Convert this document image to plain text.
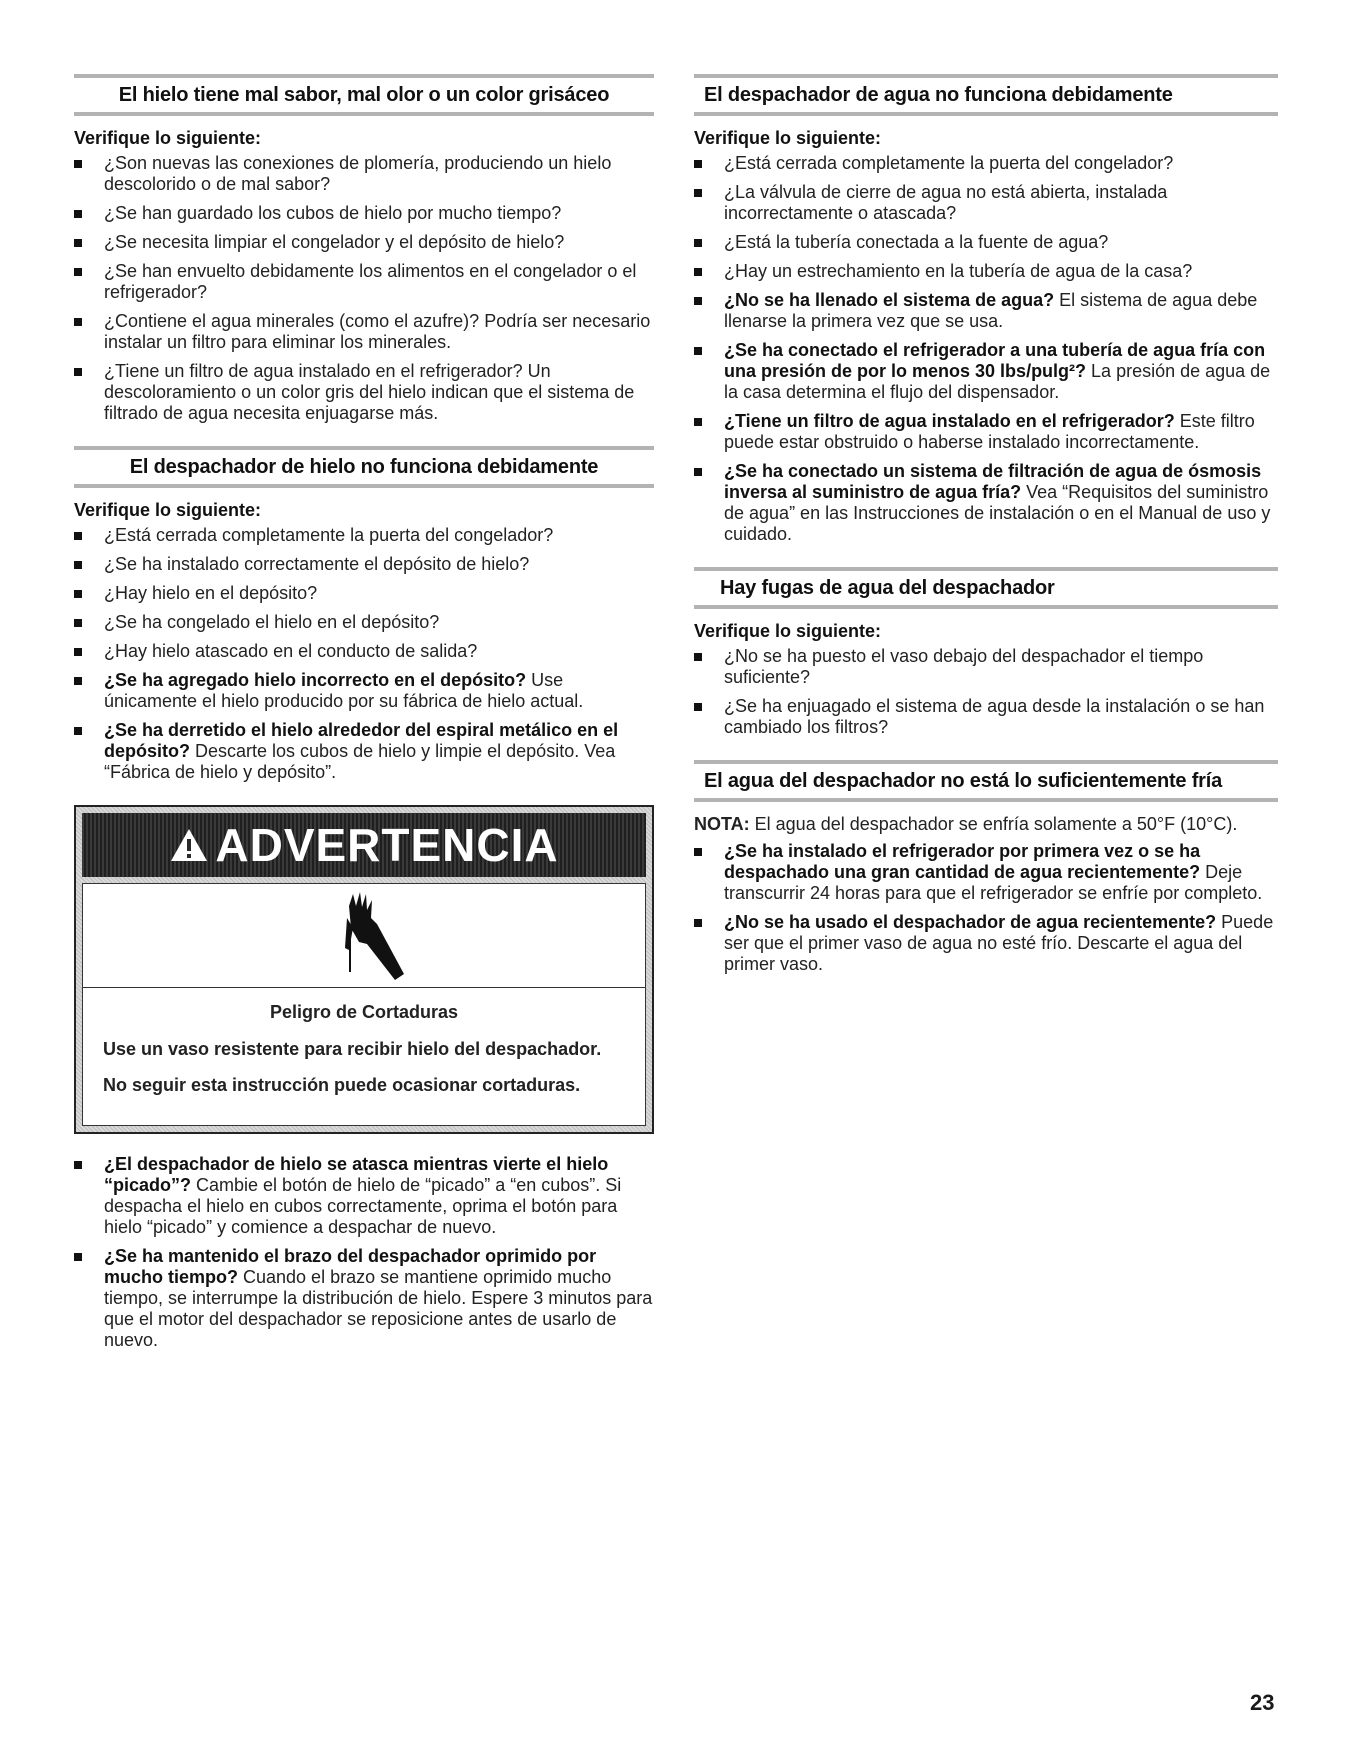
El hielo tiene mal sabor, mal olor o un color grisáceo
Verifique lo siguiente:
¿Son nuevas las conexiones de plomería, produciendo un hielo descolorido o de mal sabor?
¿Se han guardado los cubos de hielo por mucho tiempo?
¿Se necesita limpiar el congelador y el depósito de hielo?
¿Se han envuelto debidamente los alimentos en el congelador o el refrigerador?
¿Contiene el agua minerales (como el azufre)? Podría ser necesario instalar un filtro para eliminar los minerales.
¿Tiene un filtro de agua instalado en el refrigerador? Un descoloramiento o un color gris del hielo indican que el sistema de filtrado de agua necesita enjuagarse más.
El despachador de hielo no funciona debidamente
Verifique lo siguiente:
¿Está cerrada completamente la puerta del congelador?
¿Se ha instalado correctamente el depósito de hielo?
¿Hay hielo en el depósito?
¿Se ha congelado el hielo en el depósito?
¿Hay hielo atascado en el conducto de salida?
¿Se ha agregado hielo incorrecto en el depósito? Use únicamente el hielo producido por su fábrica de hielo actual.
¿Se ha derretido el hielo alrededor del espiral metálico en el depósito? Descarte los cubos de hielo y limpie el depósito. Vea “Fábrica de hielo y depósito”.
ADVERTENCIA
Peligro de Cortaduras

Use un vaso resistente para recibir hielo del despachador.

No seguir esta instrucción puede ocasionar cortaduras.

¿El despachador de hielo se atasca mientras vierte el hielo “picado”? Cambie el botón de hielo de “picado” a “en cubos”. Si despacha el hielo en cubos correctamente, oprima el botón para hielo “picado” y comience a despachar de nuevo.
¿Se ha mantenido el brazo del despachador oprimido por mucho tiempo? Cuando el brazo se mantiene oprimido mucho tiempo, se interrumpe la distribución de hielo. Espere 3 minutos para que el motor del despachador se reposicione antes de usarlo de nuevo.
El despachador de agua no funciona debidamente
Verifique lo siguiente:
¿Está cerrada completamente la puerta del congelador?
¿La válvula de cierre de agua no está abierta, instalada incorrectamente o atascada?
¿Está la tubería conectada a la fuente de agua?
¿Hay un estrechamiento en la tubería de agua de la casa?
¿No se ha llenado el sistema de agua? El sistema de agua debe llenarse la primera vez que se usa.
¿Se ha conectado el refrigerador a una tubería de agua fría con una presión de por lo menos 30 lbs/pulg²? La presión de agua de la casa determina el flujo del dispensador.
¿Tiene un filtro de agua instalado en el refrigerador? Este filtro puede estar obstruido o haberse instalado incorrectamente.
¿Se ha conectado un sistema de filtración de agua de ósmosis inversa al suministro de agua fría? Vea “Requisitos del suministro de agua” en las Instrucciones de instalación o en el Manual de uso y cuidado.
Hay fugas de agua del despachador
Verifique lo siguiente:
¿No se ha puesto el vaso debajo del despachador el tiempo suficiente?
¿Se ha enjuagado el sistema de agua desde la instalación o se han cambiado los filtros?
El agua del despachador no está lo suficientemente fría
NOTA: El agua del despachador se enfría solamente a 50°F (10°C).
¿Se ha instalado el refrigerador por primera vez o se ha despachado una gran cantidad de agua recientemente? Deje transcurrir 24 horas para que el refrigerador se enfríe por completo.
¿No se ha usado el despachador de agua recientemente? Puede ser que el primer vaso de agua no esté frío. Descarte el agua del primer vaso.
23
